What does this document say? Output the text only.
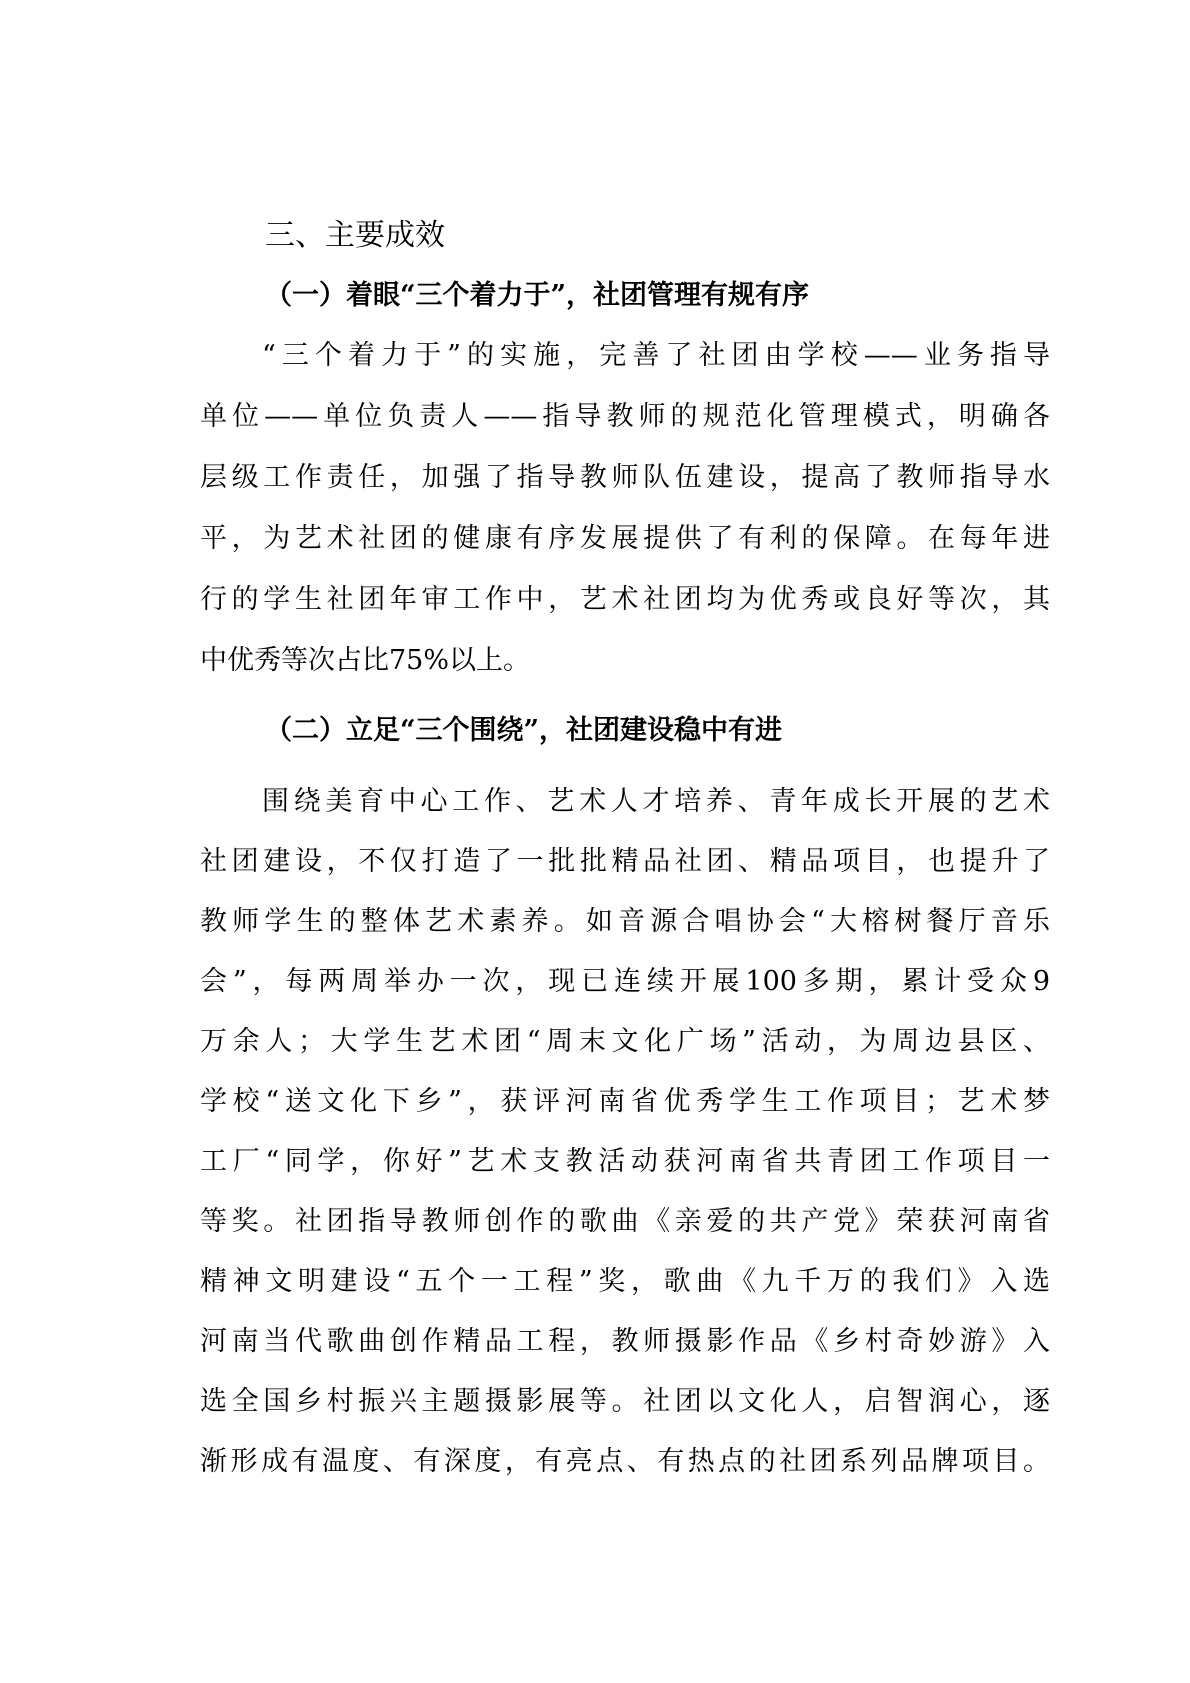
三、主要成效
（一）着眼“三个着力于”，社团管理有规有序
“三个着力于”的实施，完善了社团由学校——业务指导
单位——单位负责人——指导教师的规范化管理模式，明确各
层级工作责任，加强了指导教师队伍建设，提高了教师指导水
平，为艺术社团的健康有序发展提供了有利的保障。在每年进
行的学生社团年审工作中，艺术社团均为优秀或良好等次，其
中优秀等次占比75%以上。
（二）立足“三个围绕”，社团建设稳中有进
围绕美育中心工作、艺术人才培养、青年成长开展的艺术
社团建设，不仅打造了一批批精品社团、精品项目，也提升了
教师学生的整体艺术素养。如音源合唱协会“大榕树餐厅音乐
会”，每两周举办一次，现已连续开展100多期，累计受众9
万余人；大学生艺术团“周末文化广场”活动，为周边县区、
学校“送文化下乡”，获评河南省优秀学生工作项目；艺术梦
工厂“同学，你好”艺术支教活动获河南省共青团工作项目一
等奖。社团指导教师创作的歌曲《亲爱的共产党》荣获河南省
精神文明建设“五个一工程”奖，歌曲《九千万的我们》入选
河南当代歌曲创作精品工程，教师摄影作品《乡村奇妙游》入
选全国乡村振兴主题摄影展等。社团以文化人，启智润心，逐
渐形成有温度、有深度，有亮点、有热点的社团系列品牌项目。
